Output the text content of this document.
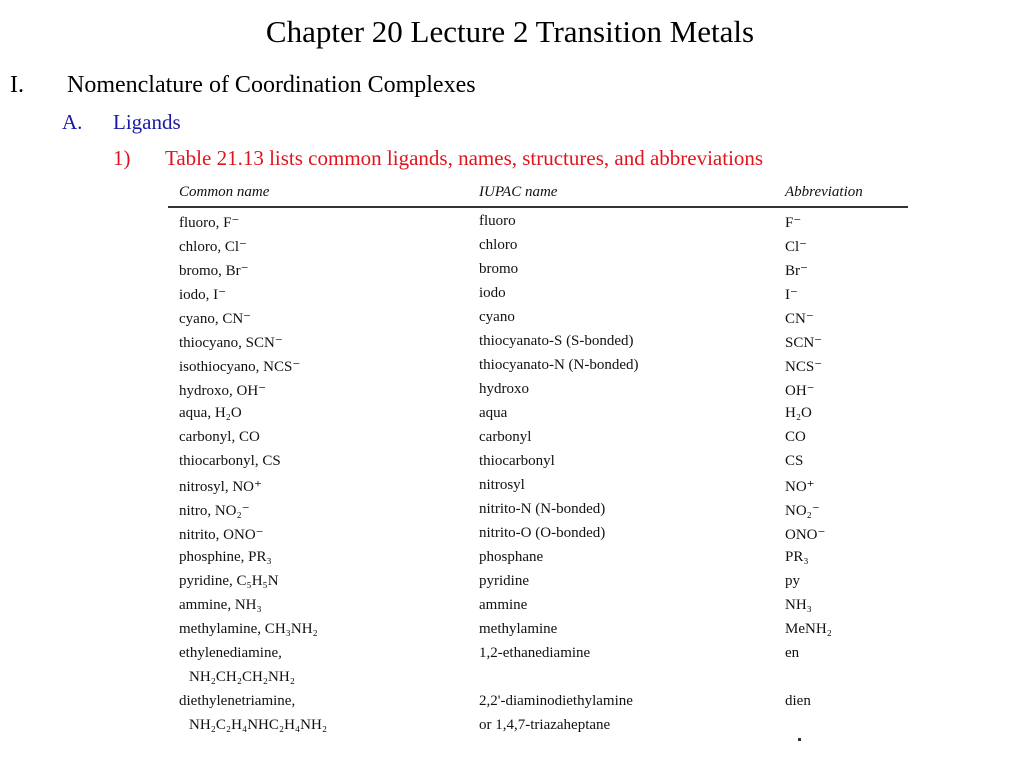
Chapter 20 Lecture 2 Transition Metals
I. Nomenclature of Coordination Complexes
A. Ligands
1) Table 21.13 lists common ligands, names, structures, and abbreviations
Common name	IUPAC name	Abbreviation
fluoro, F⁻	fluoro	F⁻
chloro, Cl⁻	chloro	Cl⁻
bromo, Br⁻	bromo	Br⁻
iodo, I⁻	iodo	I⁻
cyano, CN⁻	cyano	CN⁻
thiocyano, SCN⁻	thiocyanato-S (S-bonded)	SCN⁻
isothiocyano, NCS⁻	thiocyanato-N (N-bonded)	NCS⁻
hydroxo, OH⁻	hydroxo	OH⁻
aqua, H₂O	aqua	H₂O
carbonyl, CO	carbonyl	CO
thiocarbonyl, CS	thiocarbonyl	CS
nitrosyl, NO⁺	nitrosyl	NO⁺
nitro, NO₂⁻	nitrito-N (N-bonded)	NO₂⁻
nitrito, ONO⁻	nitrito-O (O-bonded)	ONO⁻
phosphine, PR₃	phosphane	PR₃
pyridine, C₅H₅N	pyridine	py
ammine, NH₃	ammine	NH₃
methylamine, CH₃NH₂	methylamine	MeNH₂
ethylenediamine,	1,2-ethanediamine	en
NH₂CH₂CH₂NH₂
diethylenetriamine,	2,2'-diaminodiethylamine	dien
NH₂C₂H₄NHC₂H₄NH₂	or 1,4,7-triazaheptane
